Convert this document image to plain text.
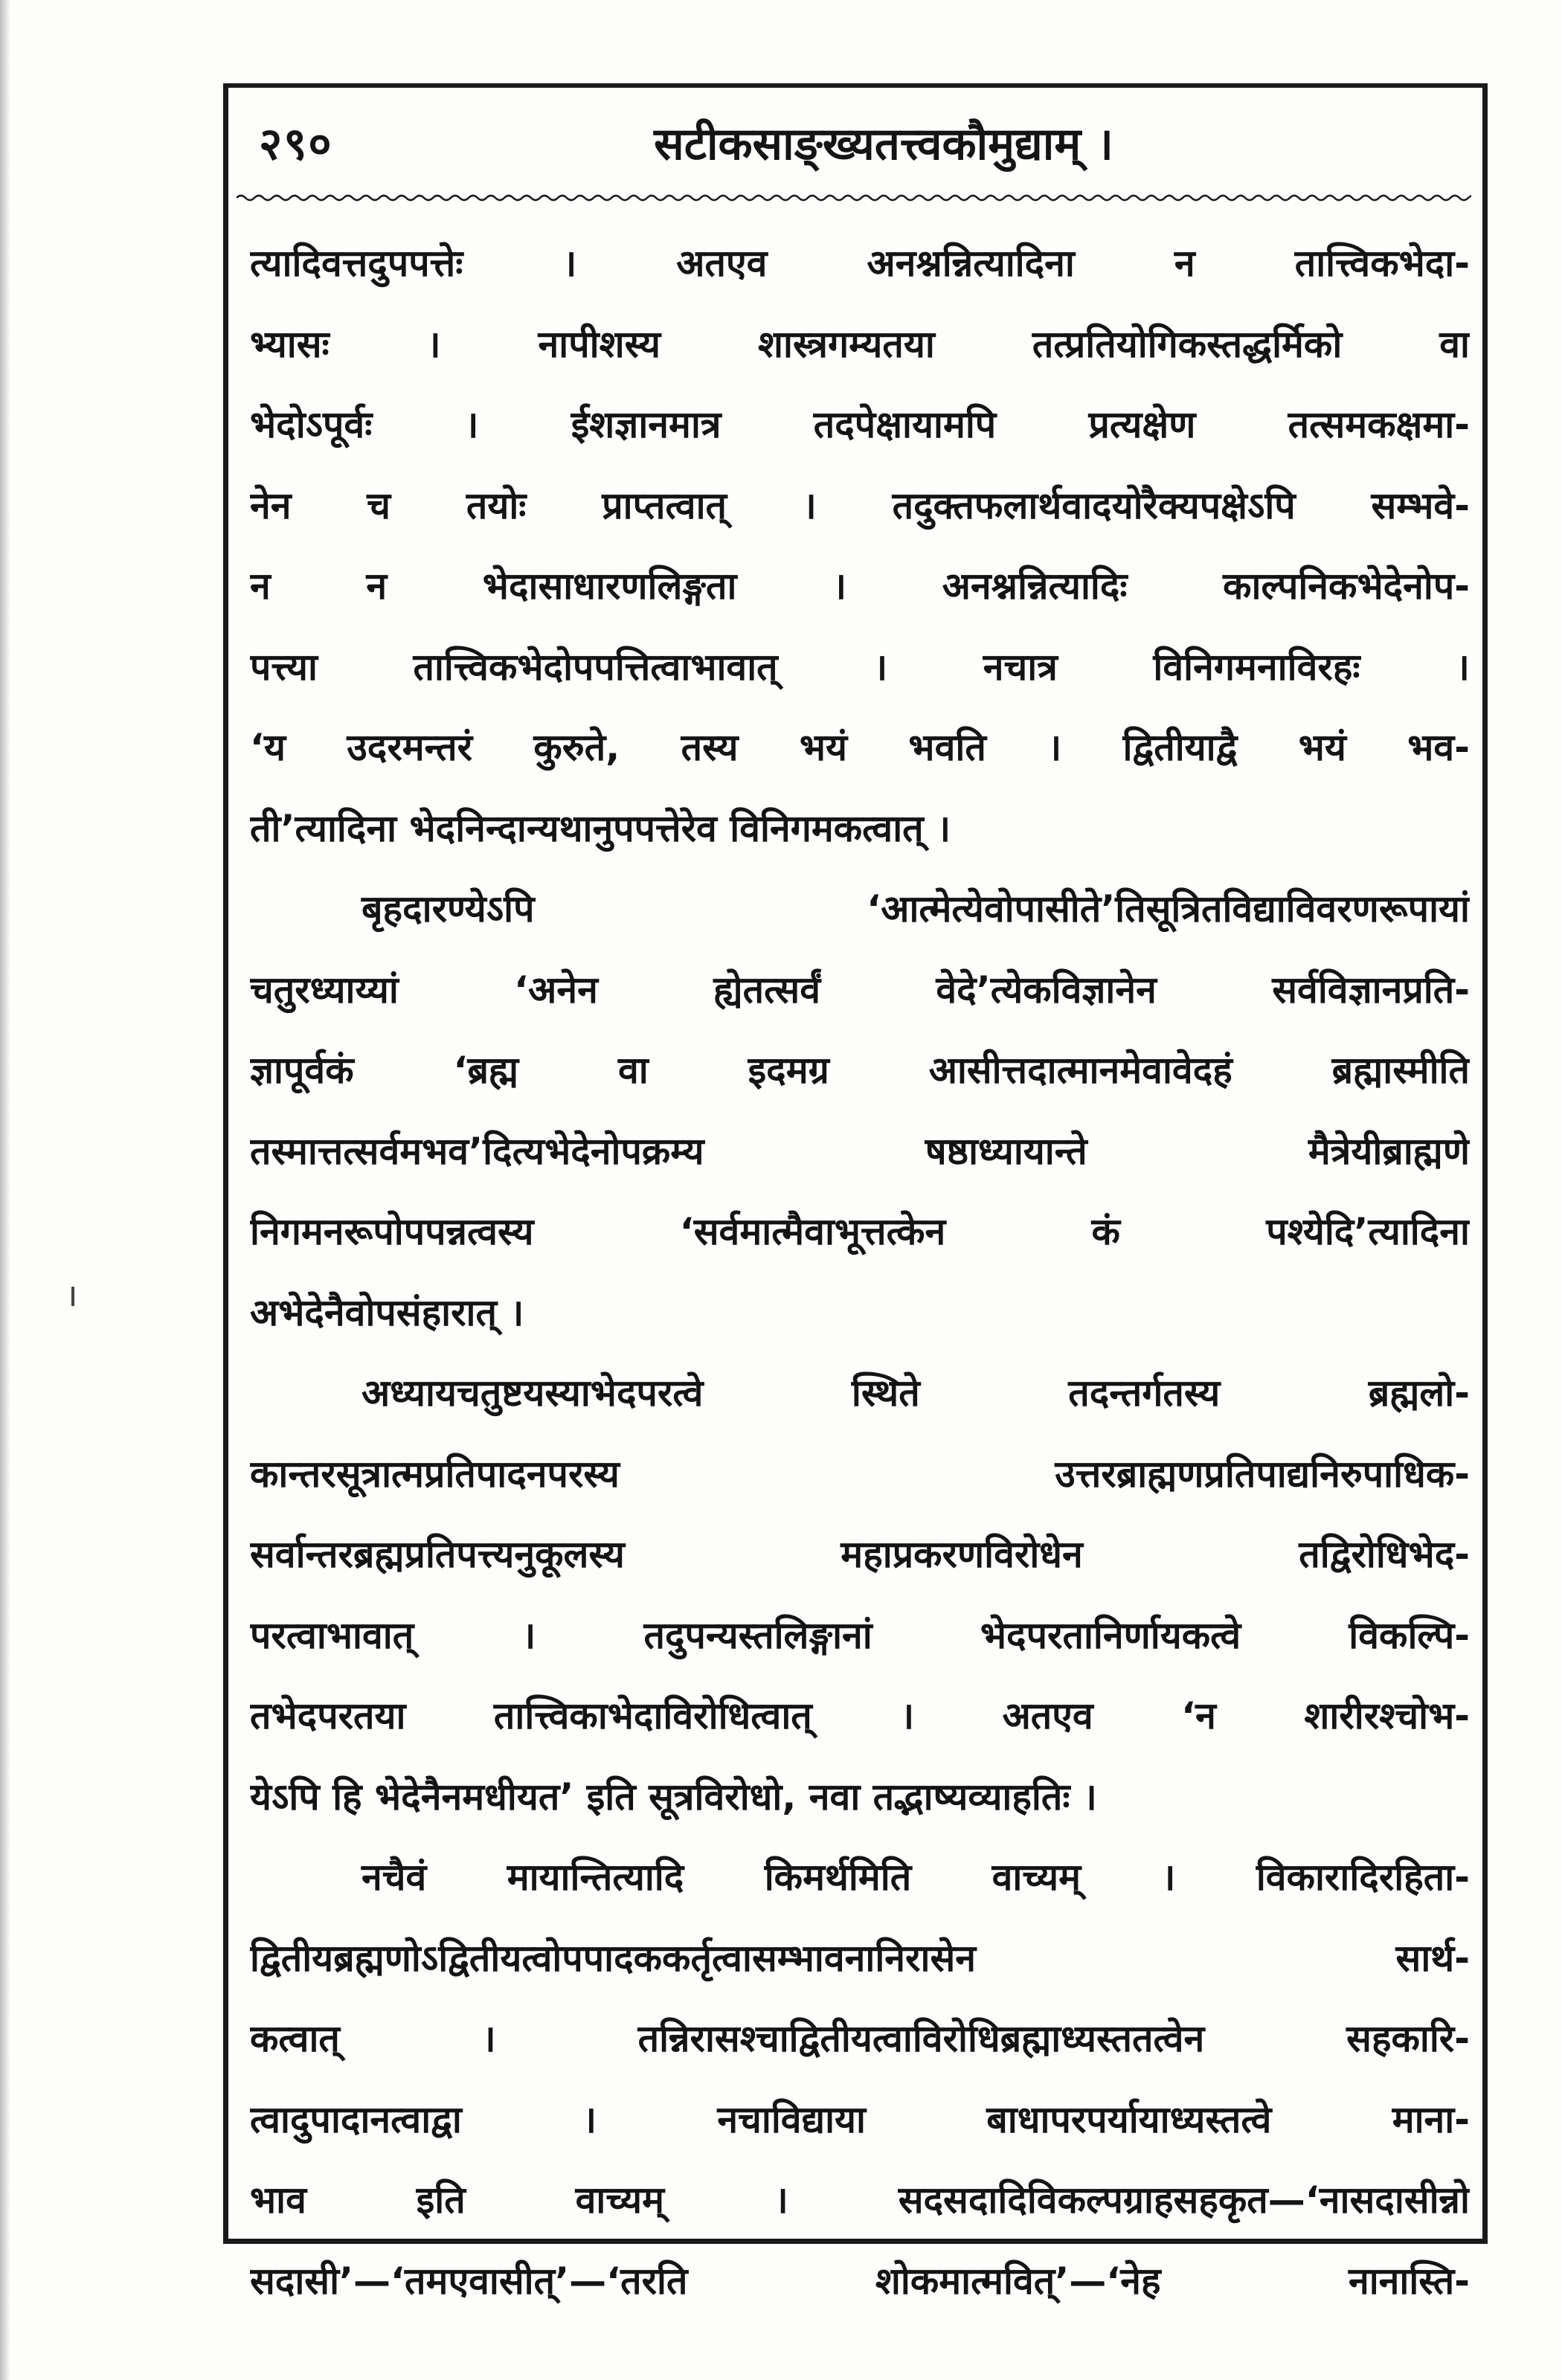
सटीकसाङ्ख्यतत्त्वकौमुद्याम् ।
२९०
त्यादिवत्तदुपपत्तेः । अतएव अनश्नन्नित्यादिना न तात्त्विकभेदा-
भ्यासः । नापीशस्य शास्त्रगम्यतया तत्प्रतियोगिकस्तद्धर्मिको वा
भेदोऽपूर्वः । ईशज्ञानमात्र तदपेक्षायामपि प्रत्यक्षेण तत्समकक्षमा-
नेन च तयोः प्राप्तत्वात् । तदुक्तफलार्थवादयोरैक्यपक्षेऽपि सम्भवे-
न न भेदासाधारणलिङ्गता । अनश्नन्नित्यादिः काल्पनिकभेदेनोप-
पत्त्या तात्त्विकभेदोपपत्तित्वाभावात् । नचात्र विनिगमनाविरहः ।
‘य उदरमन्तरं कुरुते, तस्य भयं भवति । द्वितीयाद्वै भयं भव-
ती’त्यादिना भेदनिन्दान्यथानुपपत्तेरेव विनिगमकत्वात् ।
बृहदारण्येऽपि ‘आत्मेत्येवोपासीते’तिसूत्रितविद्याविवरणरूपायां
चतुरध्याय्यां ‘अनेन ह्येतत्सर्वं वेदे’त्येकविज्ञानेन सर्वविज्ञानप्रति-
ज्ञापूर्वकं ‘ब्रह्म वा इदमग्र आसीत्तदात्मानमेवावेदहं ब्रह्मास्मीति
तस्मात्तत्सर्वमभव’दित्यभेदेनोपक्रम्य षष्ठाध्यायान्ते मैत्रेयीब्राह्मणे
निगमनरूपोपपन्नत्वस्य ‘सर्वमात्मैवाभूत्तत्केन कं पश्येदि’त्यादिना
अभेदेनैवोपसंहारात् ।
अध्यायचतुष्टयस्याभेदपरत्वे स्थिते तदन्तर्गतस्य ब्रह्मलो-
कान्तरसूत्रात्मप्रतिपादनपरस्य उत्तरब्राह्मणप्रतिपाद्यनिरुपाधिक-
सर्वान्तरब्रह्मप्रतिपत्त्यनुकूलस्य महाप्रकरणविरोधेन तद्विरोधिभेद-
परत्वाभावात् । तदुपन्यस्तलिङ्गानां भेदपरतानिर्णायकत्वे विकल्पि-
तभेदपरतया तात्त्विकाभेदाविरोधित्वात् । अतएव ‘न शारीरश्चोभ-
येऽपि हि भेदेनैनमधीयत’ इति सूत्रविरोधो, नवा तद्भाष्यव्याहतिः ।
नचैवं मायान्तित्यादि किमर्थमिति वाच्यम् । विकारादिरहिता-
द्वितीयब्रह्मणोऽद्वितीयत्वोपपादककर्तृत्वासम्भावनानिरासेन सार्थ-
कत्वात् । तन्निरासश्चाद्वितीयत्वाविरोधिब्रह्माध्यस्ततत्वेन सहकारि-
त्वादुपादानत्वाद्वा । नचाविद्याया बाधापरपर्यायाध्यस्तत्वे माना-
भाव इति वाच्यम् । सदसदादिविकल्पग्राहसहकृत—‘नासदासीन्नो
सदासी’—‘तमएवासीत्’—‘तरति शोकमात्मवित्’—‘नेह नानास्ति-
